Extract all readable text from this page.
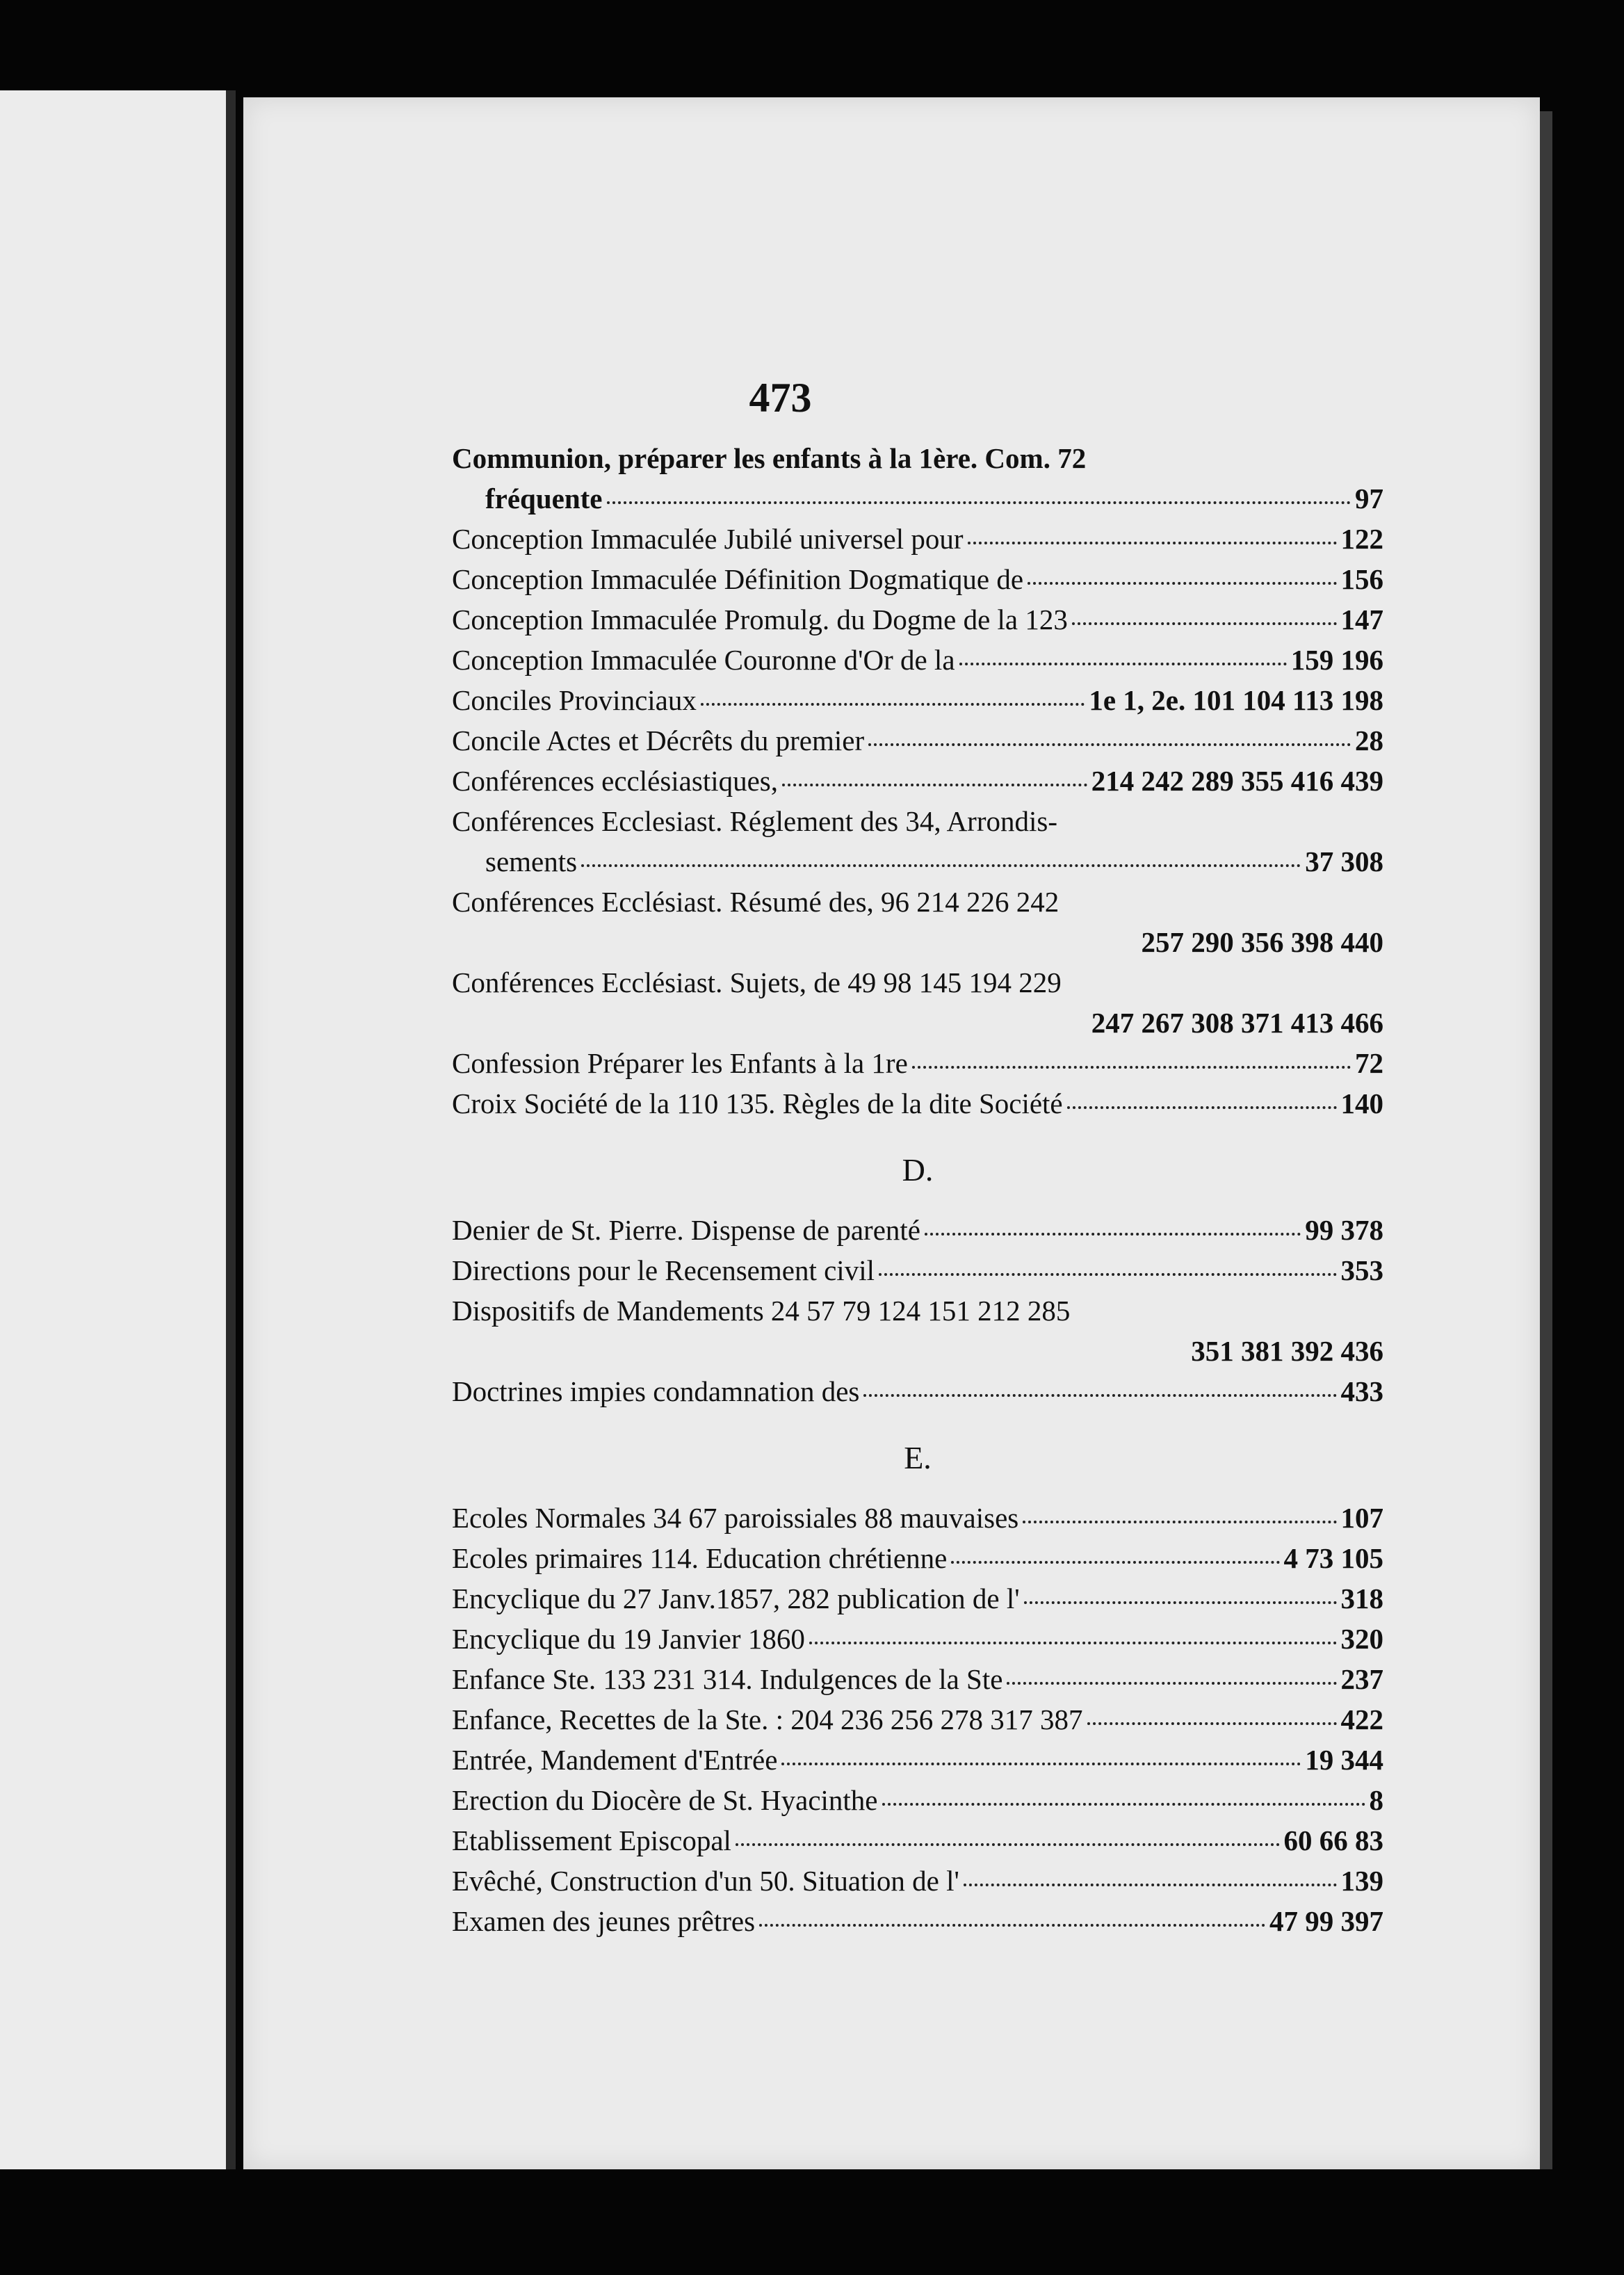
473
Communion, préparer les enfants à la 1ère. Com. 72
fréquente	97
Conception Immaculée Jubilé universel pour	122
Conception Immaculée Définition Dogmatique de	156
Conception Immaculée Promulg. du Dogme de la 123	147
Conception Immaculée Couronne d'Or de la	159 196
Conciles Provinciaux	1e 1, 2e. 101 104 113 198
Concile Actes et Décrêts du premier	28
Conférences ecclésiastiques,	214 242 289 355 416 439
Conférences Ecclesiast. Réglement des 34, Arrondis-
sements	37 308
Conférences Ecclésiast. Résumé des, 96 214 226 242
257 290 356 398 440
Conférences Ecclésiast. Sujets, de 49 98 145 194 229
247 267 308 371 413 466
Confession Préparer les Enfants à la 1re	72
Croix Société de la 110 135. Règles de la dite Société	140
D.
Denier de St. Pierre. Dispense de parenté	99 378
Directions pour le Recensement civil	353
Dispositifs de Mandements 24 57 79 124 151 212 285
351 381 392 436
Doctrines impies condamnation des	433
E.
Ecoles Normales 34 67 paroissiales 88 mauvaises	107
Ecoles primaires 114. Education chrétienne	4 73 105
Encyclique du 27 Janv.1857, 282 publication de l'	318
Encyclique du 19 Janvier 1860	320
Enfance Ste. 133 231 314. Indulgences de la Ste	237
Enfance, Recettes de la Ste. : 204 236 256 278 317 387	422
Entrée, Mandement d'Entrée	19 344
Erection du Diocère de St. Hyacinthe	8
Etablissement Episcopal	60 66 83
Evêché, Construction d'un 50. Situation de l'	139
Examen des jeunes prêtres	47 99 397
